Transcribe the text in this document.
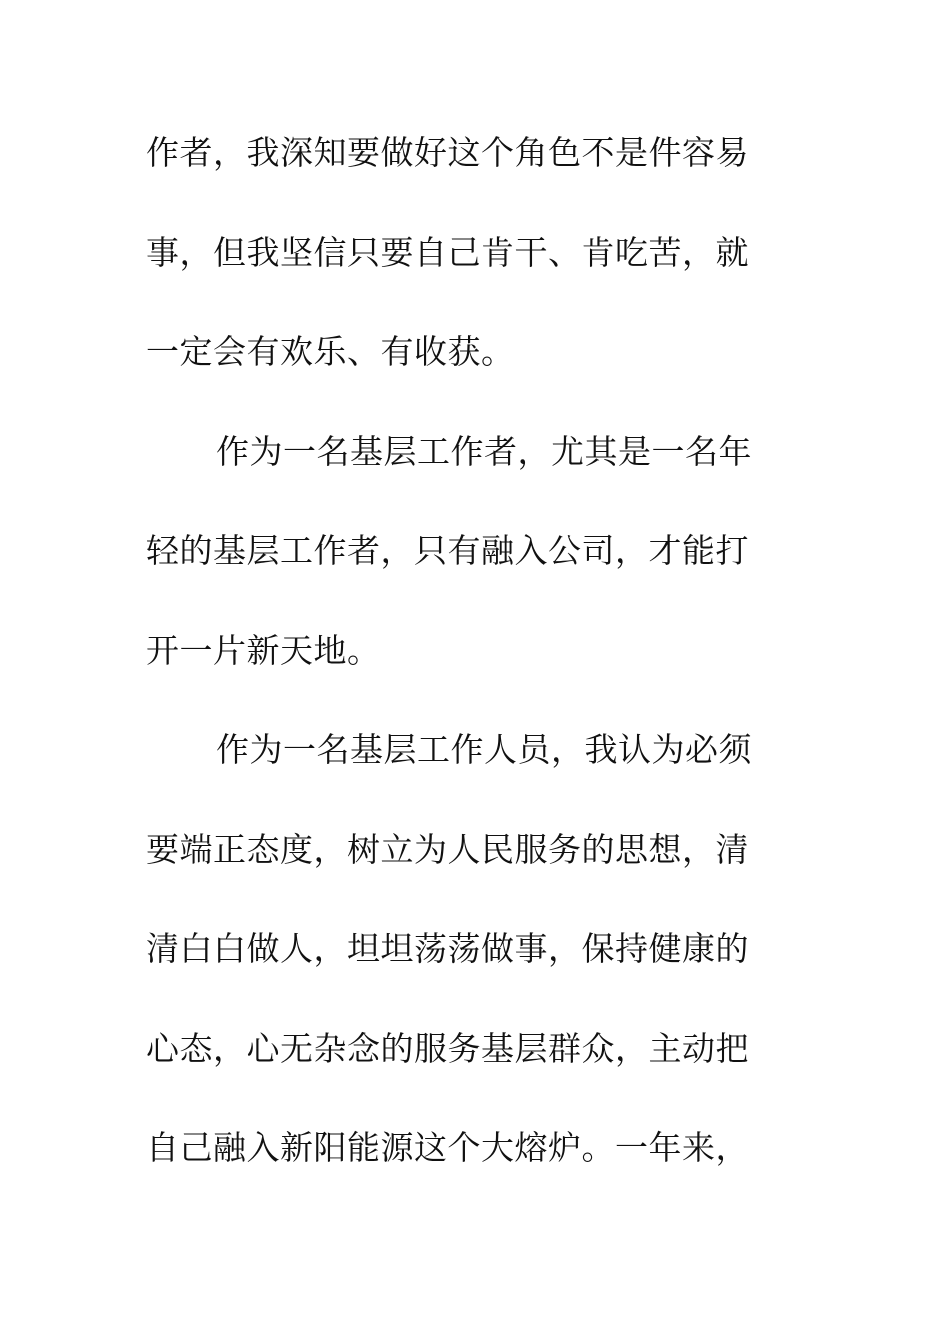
作者，我深知要做好这个角色不是件容易
事，但我坚信只要自己肯干、肯吃苦，就
一定会有欢乐、有收获。
作为一名基层工作者，尤其是一名年
轻的基层工作者，只有融入公司，才能打
开一片新天地。
作为一名基层工作人员，我认为必须
要端正态度，树立为人民服务的思想，清
清白白做人，坦坦荡荡做事，保持健康的
心态，心无杂念的服务基层群众，主动把
自己融入新阳能源这个大熔炉。一年来，
